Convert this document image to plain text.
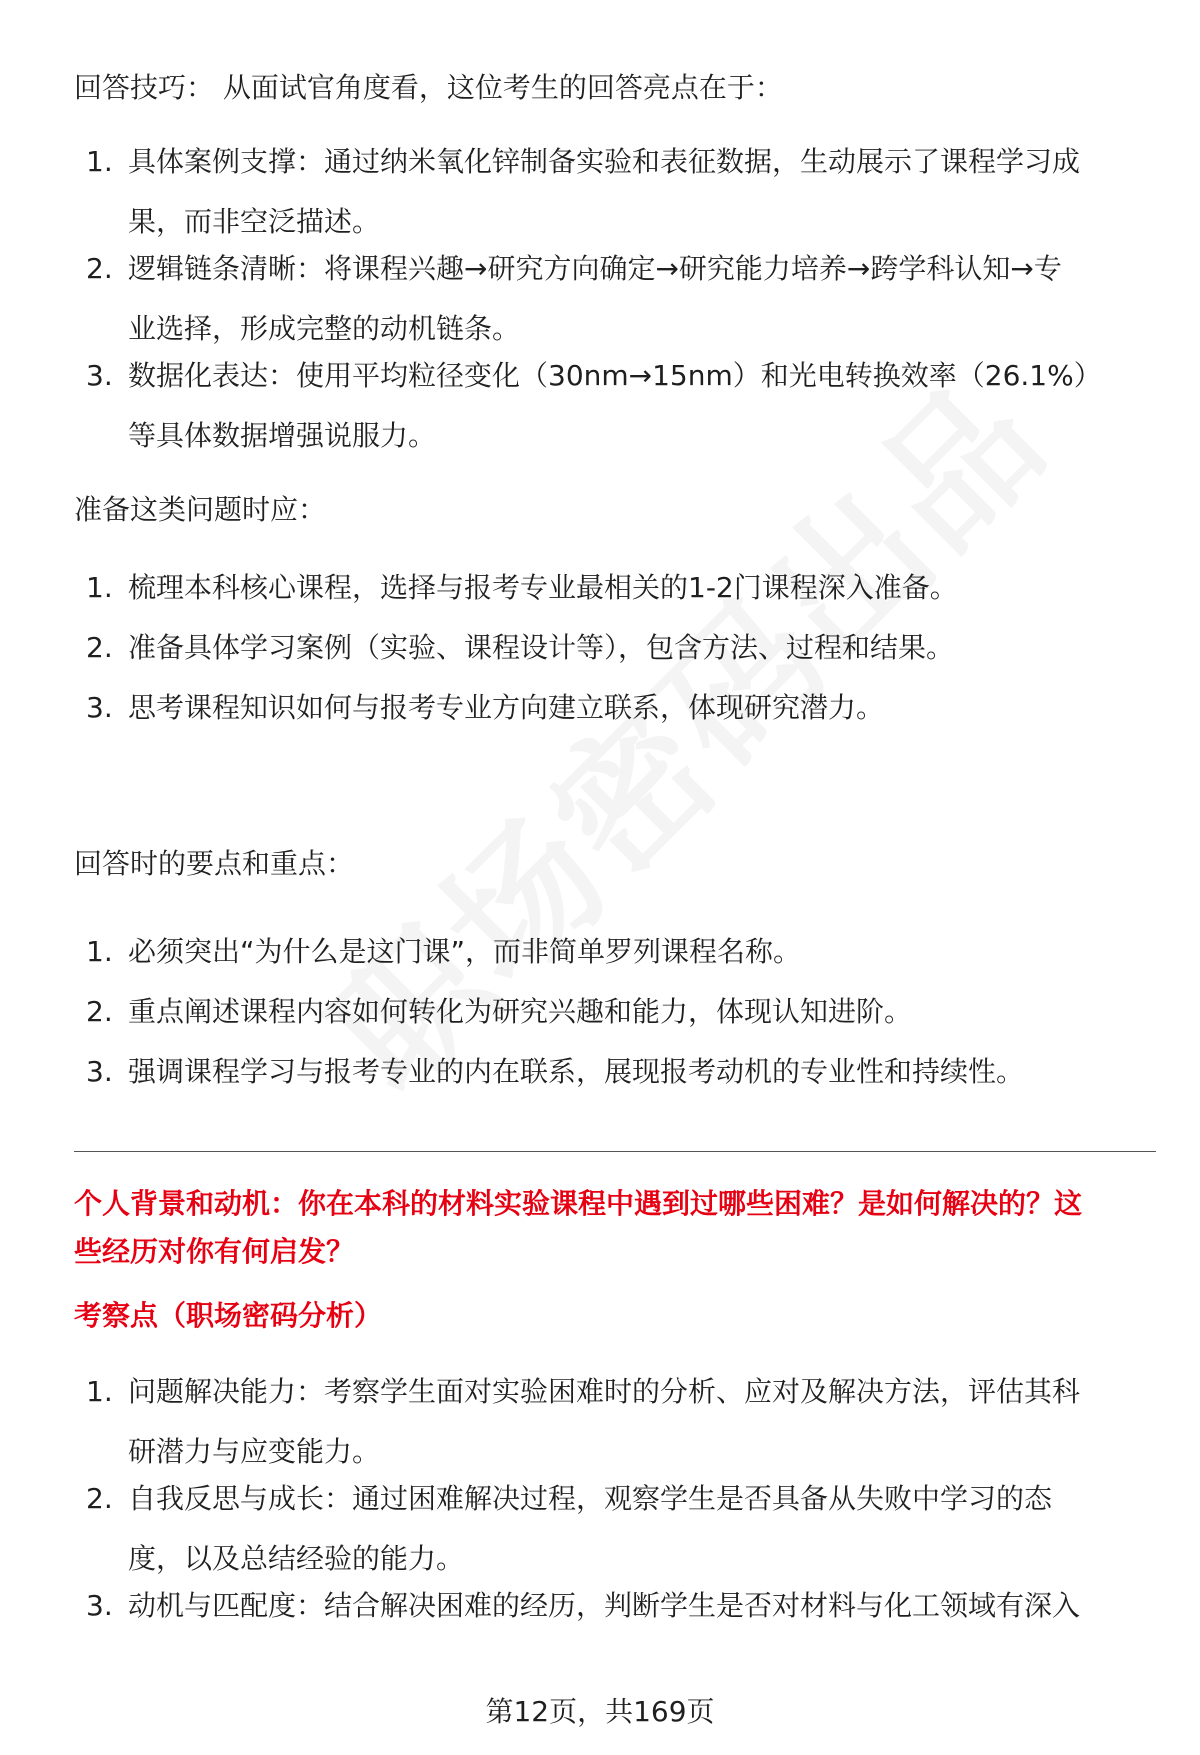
回答技巧： 从面试官角度看，这位考生的回答亮点在于：

1. 具体案例支撑：通过纳米氧化锌制备实验和表征数据，生动展示了课程学习成
果，而非空泛描述。
2. 逻辑链条清晰：将课程兴趣→研究方向确定→研究能力培养→跨学科认知→专
业选择，形成完整的动机链条。
3. 数据化表达：使用平均粒径变化（30nm→15nm）和光电转换效率（26.1%）
等具体数据增强说服力。

准备这类问题时应：

1. 梳理本科核心课程，选择与报考专业最相关的1-2门课程深入准备。
2. 准备具体学习案例（实验、课程设计等），包含方法、过程和结果。
3. 思考课程知识如何与报考专业方向建立联系，体现研究潜力。

回答时的要点和重点：

1. 必须突出“为什么是这门课”，而非简单罗列课程名称。
2. 重点阐述课程内容如何转化为研究兴趣和能力，体现认知进阶。
3. 强调课程学习与报考专业的内在联系，展现报考动机的专业性和持续性。

个人背景和动机：你在本科的材料实验课程中遇到过哪些困难？是如何解决的？这
些经历对你有何启发？

考察点（职场密码分析）

1. 问题解决能力：考察学生面对实验困难时的分析、应对及解决方法，评估其科
研潜力与应变能力。
2. 自我反思与成长：通过困难解决过程，观察学生是否具备从失败中学习的态
度，以及总结经验的能力。
3. 动机与匹配度：结合解决困难的经历，判断学生是否对材料与化工领域有深入
第12页，共169页
